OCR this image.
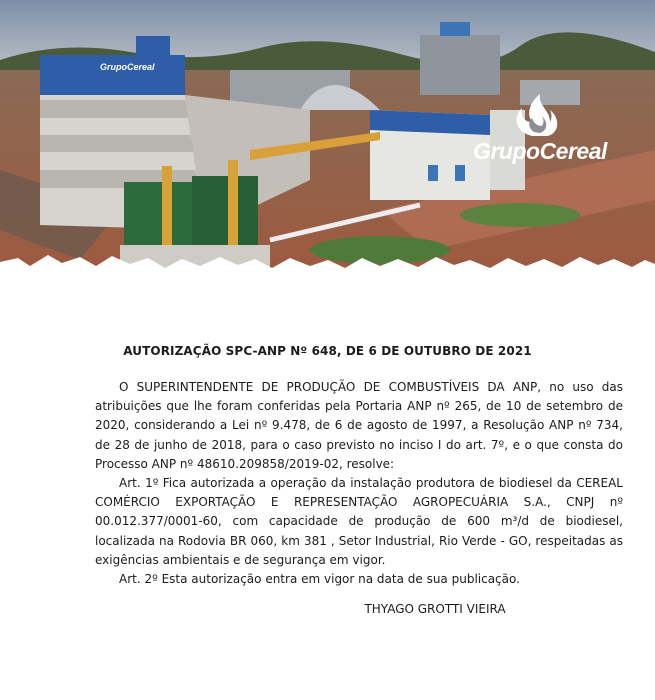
GrupoCereal
GrupoCereal
AUTORIZAÇÃO SPC-ANP Nº 648, DE 6 DE OUTUBRO DE 2021

O SUPERINTENDENTE DE PRODUÇÃO DE COMBUSTÍVEIS DA ANP, no uso das atribuições que lhe foram conferidas pela Portaria ANP nº 265, de 10 de setembro de 2020, considerando a Lei nº 9.478, de 6 de agosto de 1997, a Resolução ANP nº 734, de 28 de junho de 2018, para o caso previsto no inciso I do art. 7º, e o que consta do Processo ANP nº 48610.209858/2019-02, resolve:

Art. 1º Fica autorizada a operação da instalação produtora de biodiesel da CEREAL COMÉRCIO EXPORTAÇÃO E REPRESENTAÇÃO AGROPECUÁRIA S.A., CNPJ nº 00.012.377/0001-60, com capacidade de produção de 600 m³/d de biodiesel, localizada na Rodovia BR 060, km 381 , Setor Industrial, Rio Verde - GO, respeitadas as exigências ambientais e de segurança em vigor.

Art. 2º Esta autorização entra em vigor na data de sua publicação.

THYAGO GROTTI VIEIRA
